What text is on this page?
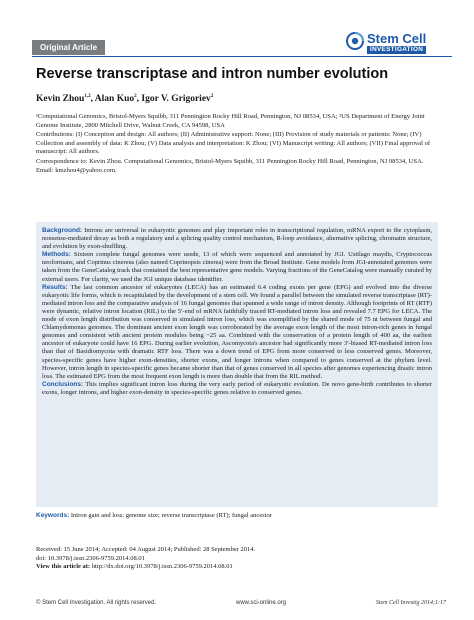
Original Article
Stem Cell
INVESTIGATION
Reverse transcriptase and intron number evolution
Kevin Zhou$^{1,2}$, Alan Kuo$^2$, Igor V. Grigoriev$^2$

¹Computational Genomics, Bristol-Myers Squibb, 311 Pennington Rocky Hill Road, Pennington, NJ 08534, USA; ²US Department of Energy Joint Genome Institute, 2800 Mitchell Drive, Walnut Creek, CA 94598, USA

Contributions: (I) Conception and design: All authors; (II) Administrative support: None; (III) Provision of study materials or patients: None; (IV) Collection and assembly of data: K Zhou; (V) Data analysis and interpretation: K Zhou; (VI) Manuscript writing: All authors; (VII) Final approval of manuscript: All authors.

Correspondence to: Kevin Zhou. Computational Genomics, Bristol-Myers Squibb, 311 Pennington Rocky Hill Road, Pennington, NJ 08534, USA. Email: kmzhou4@yahoo.com.

Background: Introns are universal in eukaryotic genomes and play important roles in transcriptional regulation, mRNA export to the cytoplasm, nonsense-mediated decay as both a regulatory and a splicing quality control mechanism, R-loop avoidance, alternative splicing, chromatin structure, and evolution by exon-shuffling.

Methods: Sixteen complete fungal genomes were usede, 13 of which were sequenced and annotated by JGI. Ustilago maydis, Cryptococcus neoformans, and Coprinus cinereus (also named Coprinopsis cinerea) were from the Broad Institute. Gene models from JGI-annotated genomes were taken from the GeneCatalog track that contained the best representative gene models. Varying fractions of the GeneCatalog were manually curated by external users. For clarity, we used the JGI unique database identifier.

Results: The last common ancestor of eukaryotes (LECA) has an estimated 6.4 coding exons per gene (EPG) and evolved into the diverse eukaryotic life forms, which is recapitulated by the development of a stem cell. We found a parallel between the simulated reverse transcriptase (RT)-mediated intron loss and the comparative analysis of 16 fungal genomes that spanned a wide range of intron density. Although footprints of RT (RTF) were dynamic, relative intron location (RIL) to the 5′-end of mRNA faithfully traced RT-mediated intron loss and revealed 7.7 EPG for LECA. The mode of exon length distribution was conserved in simulated intron loss, which was exemplified by the shared mode of 75 nt between fungal and Chlamydomonas genomes. The dominant ancient exon length was corroborated by the average exon length of the most intron-rich genes in fungal genomes and consistent with ancient protein modules being ~25 aa. Combined with the conservation of a protein length of 400 aa, the earliest ancestor of eukaryote could have 16 EPG. During earlier evolution, Ascomycota's ancestor had significantly more 3′-biased RT-mediated intron loss than that of Basidiomycota with dramatic RTF loss. There was a down trend of EPG from more conserved to less conserved genes. Moreover, species-specific genes have higher exon-densities, shorter exons, and longer introns when compared to genes conserved at the phylum level. However, intron length in species-specific genes became shorter than that of genes conserved in all species after genomes experiencing drastic intron loss. The estimated EPG from the most frequent exon length is more than double that from the RIL method.

Conclusions: This implies significant intron loss during the very early period of eukaryotic evolution. De novo gene-birth contributes to shorter exons, longer introns, and higher exon-density in species-specific genes relative to conserved genes.

Keywords: Intron gain and loss; genome size; reverse transcriptase (RT); fungal ancestor

Received: 15 June 2014; Accepted: 04 August 2014; Published: 28 September 2014.

doi: 10.3978/j.issn.2306-9759.2014.08.01

View this article at: http://dx.doi.org/10.3978/j.issn.2306-9759.2014.08.01

© Stem Cell Investigation. All rights reserved.	www.sci-online.org	Stem Cell Investig 2014;1:17
